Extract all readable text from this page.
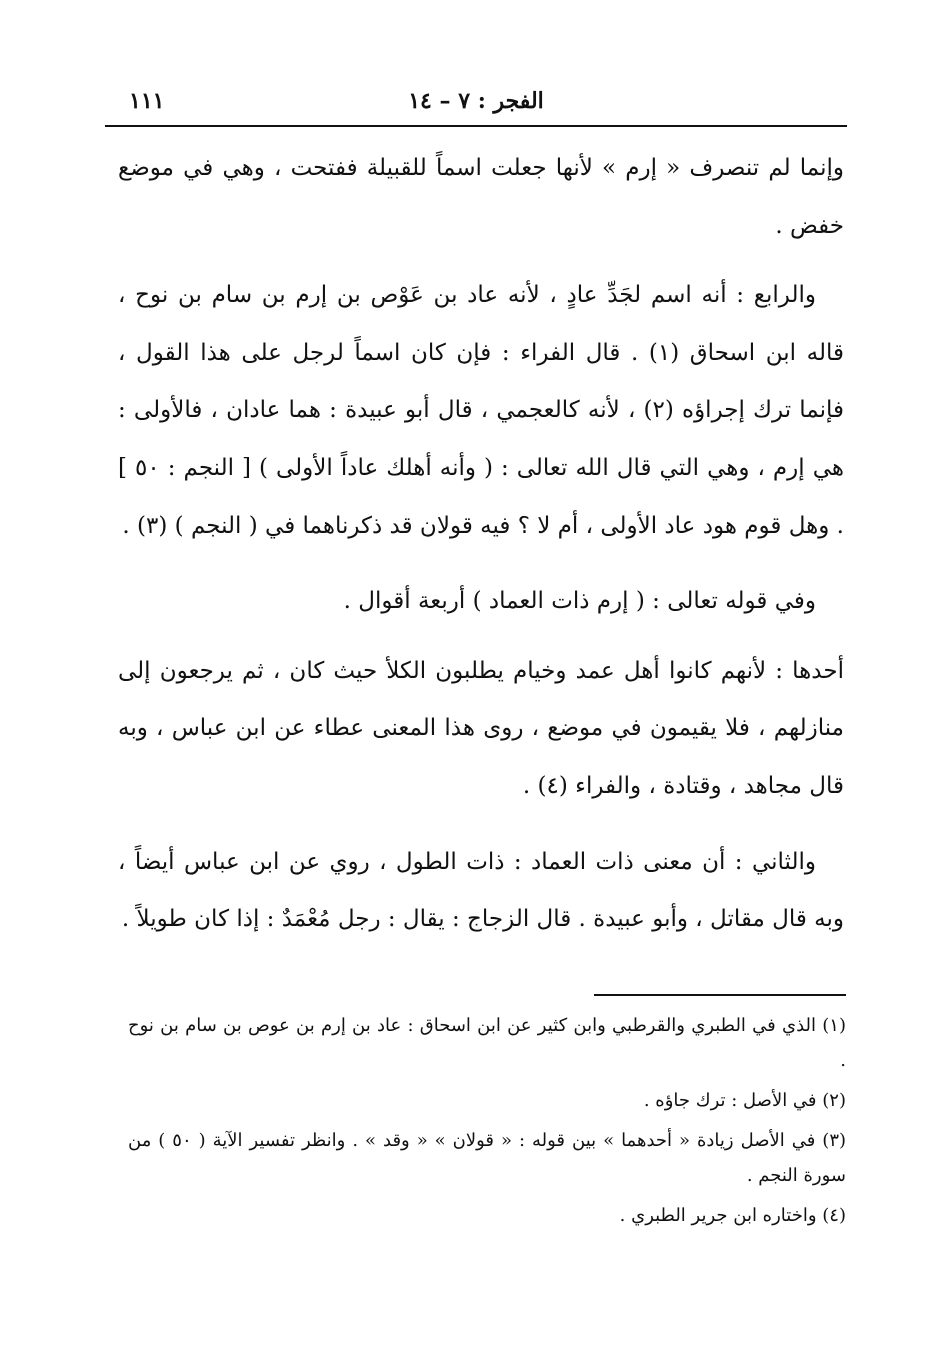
الفجر : ٧ – ١٤
١١١

وإنما لم تنصرف « إرم » لأنها جعلت اسماً للقبيلة ففتحت ، وهي في موضع خفض .

والرابع : أنه اسم لجَدِّ عادٍ ، لأنه عاد بن عَوْص بن إرم بن سام بن نوح ، قاله ابن اسحاق (١) . قال الفراء : فإن كان اسماً لرجل على هذا القول ، فإنما ترك إجراؤه (٢) ، لأنه كالعجمي ، قال أبو عبيدة : هما عادان ، فالأولى : هي إرم ، وهي التي قال الله تعالى : ( وأنه أهلك عاداً الأولى ) [ النجم : ٥٠ ] . وهل قوم هود عاد الأولى ، أم لا ؟ فيه قولان قد ذكرناهما في ( النجم ) (٣) .

وفي قوله تعالى : ( إرم ذات العماد ) أربعة أقوال .

أحدها : لأنهم كانوا أهل عمد وخيام يطلبون الكلأ حيث كان ، ثم يرجعون إلى منازلهم ، فلا يقيمون في موضع ، روى هذا المعنى عطاء عن ابن عباس ، وبه قال مجاهد ، وقتادة ، والفراء (٤) .

والثاني : أن معنى ذات العماد : ذات الطول ، روي عن ابن عباس أيضاً ، وبه قال مقاتل ، وأبو عبيدة . قال الزجاج : يقال : رجل مُعْمَدٌ : إذا كان طويلاً .

(١) الذي في الطبري والقرطبي وابن كثير عن ابن اسحاق : عاد بن إرم بن عوص بن سام بن نوح .

(٢) في الأصل : ترك جاؤه .

(٣) في الأصل زيادة « أحدهما » بين قوله : « قولان » « وقد » . وانظر تفسير الآية ( ٥٠ ) من سورة النجم .

(٤) واختاره ابن جرير الطبري .
